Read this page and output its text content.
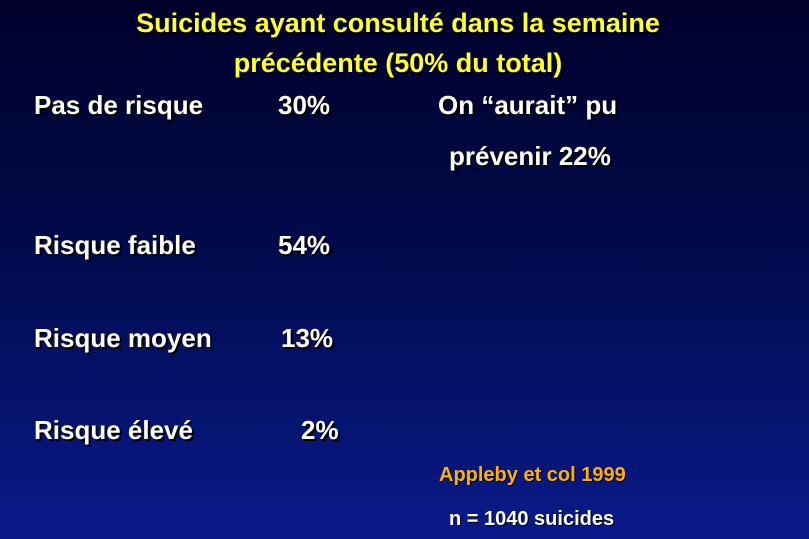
Suicides ayant consulté dans la semaine
précédente (50% du total)
Pas de risque	30%	On “aurait” pu
prévenir 22%
Risque faible	54%
Risque moyen	13%
Risque élevé	2%
Appleby et col 1999
n = 1040 suicides
